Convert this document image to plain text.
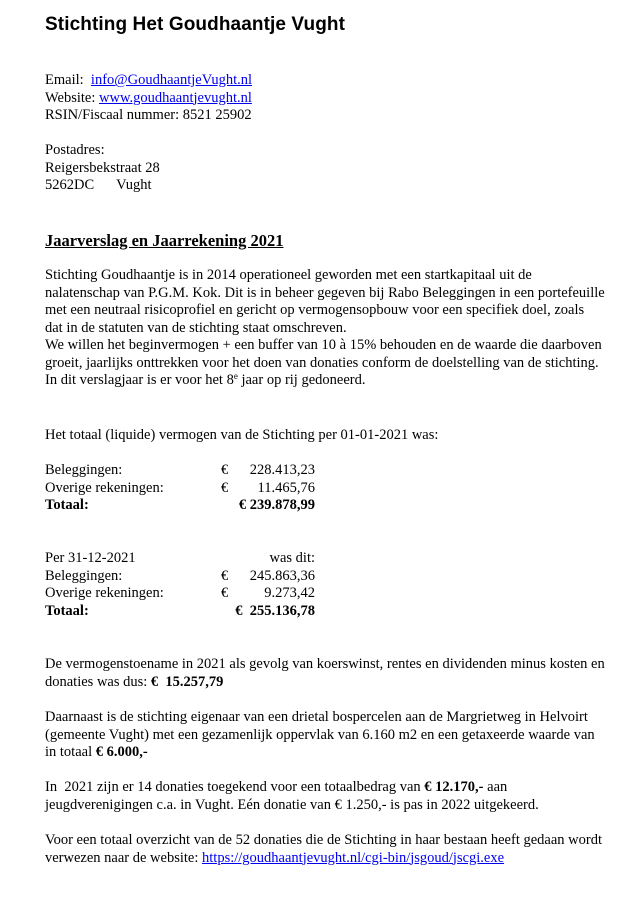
Stichting Het Goudhaantje Vught
Email: info@GoudhaantjeVught.nl
Website: www.goudhaantjevught.nl
RSIN/Fiscaal nummer: 8521 25902
Postadres:
Reigersbekstraat 28
5262DC Vught
Jaarverslag en Jaarrekening 2021
Stichting Goudhaantje is in 2014 operationeel geworden met een startkapitaal uit de nalatenschap van P.G.M. Kok. Dit is in beheer gegeven bij Rabo Beleggingen in een portefeuille met een neutraal risicoprofiel en gericht op vermogensopbouw voor een specifiek doel, zoals dat in de statuten van de stichting staat omschreven.
We willen het beginvermogen + een buffer van 10 à 15% behouden en de waarde die daarboven groeit, jaarlijks onttrekken voor het doen van donaties conform de doelstelling van de stichting. In dit verslagjaar is er voor het 8e jaar op rij gedoneerd.
Het totaal (liquide) vermogen van de Stichting per 01-01-2021 was:
Beleggingen:	€ 228.413,23
Overige rekeningen:	€ 11.465,76
Totaal:	€ 239.878,99
Per 31-12-2021	was dit:
Beleggingen:	€ 245.863,36
Overige rekeningen:	€ 9.273,42
Totaal:	€  255.136,78
De vermogenstoename in 2021 als gevolg van koerswinst, rentes en dividenden minus kosten en donaties was dus: €  15.257,79
Daarnaast is de stichting eigenaar van een drietal bospercelen aan de Margrietweg in Helvoirt (gemeente Vught) met een gezamenlijk oppervlak van 6.160 m2 en een getaxeerde waarde van in totaal € 6.000,-
In  2021 zijn er 14 donaties toegekend voor een totaalbedrag van € 12.170,- aan jeugdverenigingen c.a. in Vught. Eén donatie van € 1.250,- is pas in 2022 uitgekeerd.
Voor een totaal overzicht van de 52 donaties die de Stichting in haar bestaan heeft gedaan wordt verwezen naar de website: https://goudhaantjevught.nl/cgi-bin/jsgoud/jscgi.exe
